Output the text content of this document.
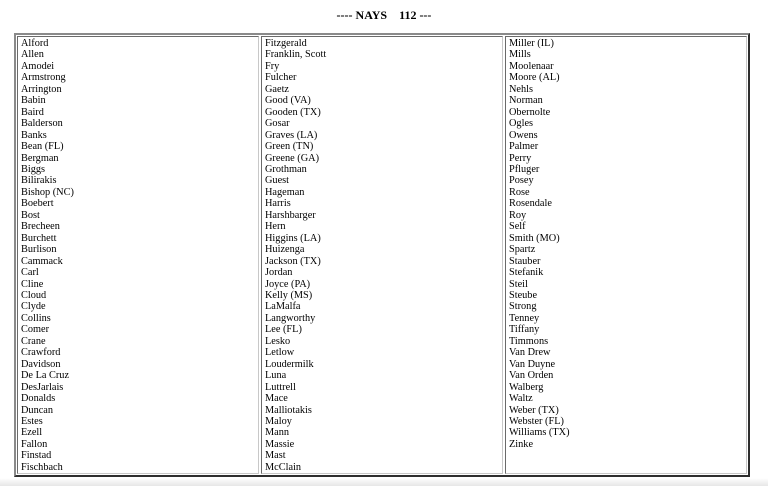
---- NAYS    112 ---
Alford
Allen
Amodei
Armstrong
Arrington
Babin
Baird
Balderson
Banks
Bean (FL)
Bergman
Biggs
Bilirakis
Bishop (NC)
Boebert
Bost
Brecheen
Burchett
Burlison
Cammack
Carl
Cline
Cloud
Clyde
Collins
Comer
Crane
Crawford
Davidson
De La Cruz
DesJarlais
Donalds
Duncan
Estes
Ezell
Fallon
Finstad
Fischbach
Fitzgerald
Franklin, Scott
Fry
Fulcher
Gaetz
Good (VA)
Gooden (TX)
Gosar
Graves (LA)
Green (TN)
Greene (GA)
Grothman
Guest
Hageman
Harris
Harshbarger
Hern
Higgins (LA)
Huizenga
Jackson (TX)
Jordan
Joyce (PA)
Kelly (MS)
LaMalfa
Langworthy
Lee (FL)
Lesko
Letlow
Loudermilk
Luna
Luttrell
Mace
Malliotakis
Maloy
Mann
Massie
Mast
McClain
Miller (IL)
Mills
Moolenaar
Moore (AL)
Nehls
Norman
Obernolte
Ogles
Owens
Palmer
Perry
Pfluger
Posey
Rose
Rosendale
Roy
Self
Smith (MO)
Spartz
Stauber
Stefanik
Steil
Steube
Strong
Tenney
Tiffany
Timmons
Van Drew
Van Duyne
Van Orden
Walberg
Waltz
Weber (TX)
Webster (FL)
Williams (TX)
Zinke
